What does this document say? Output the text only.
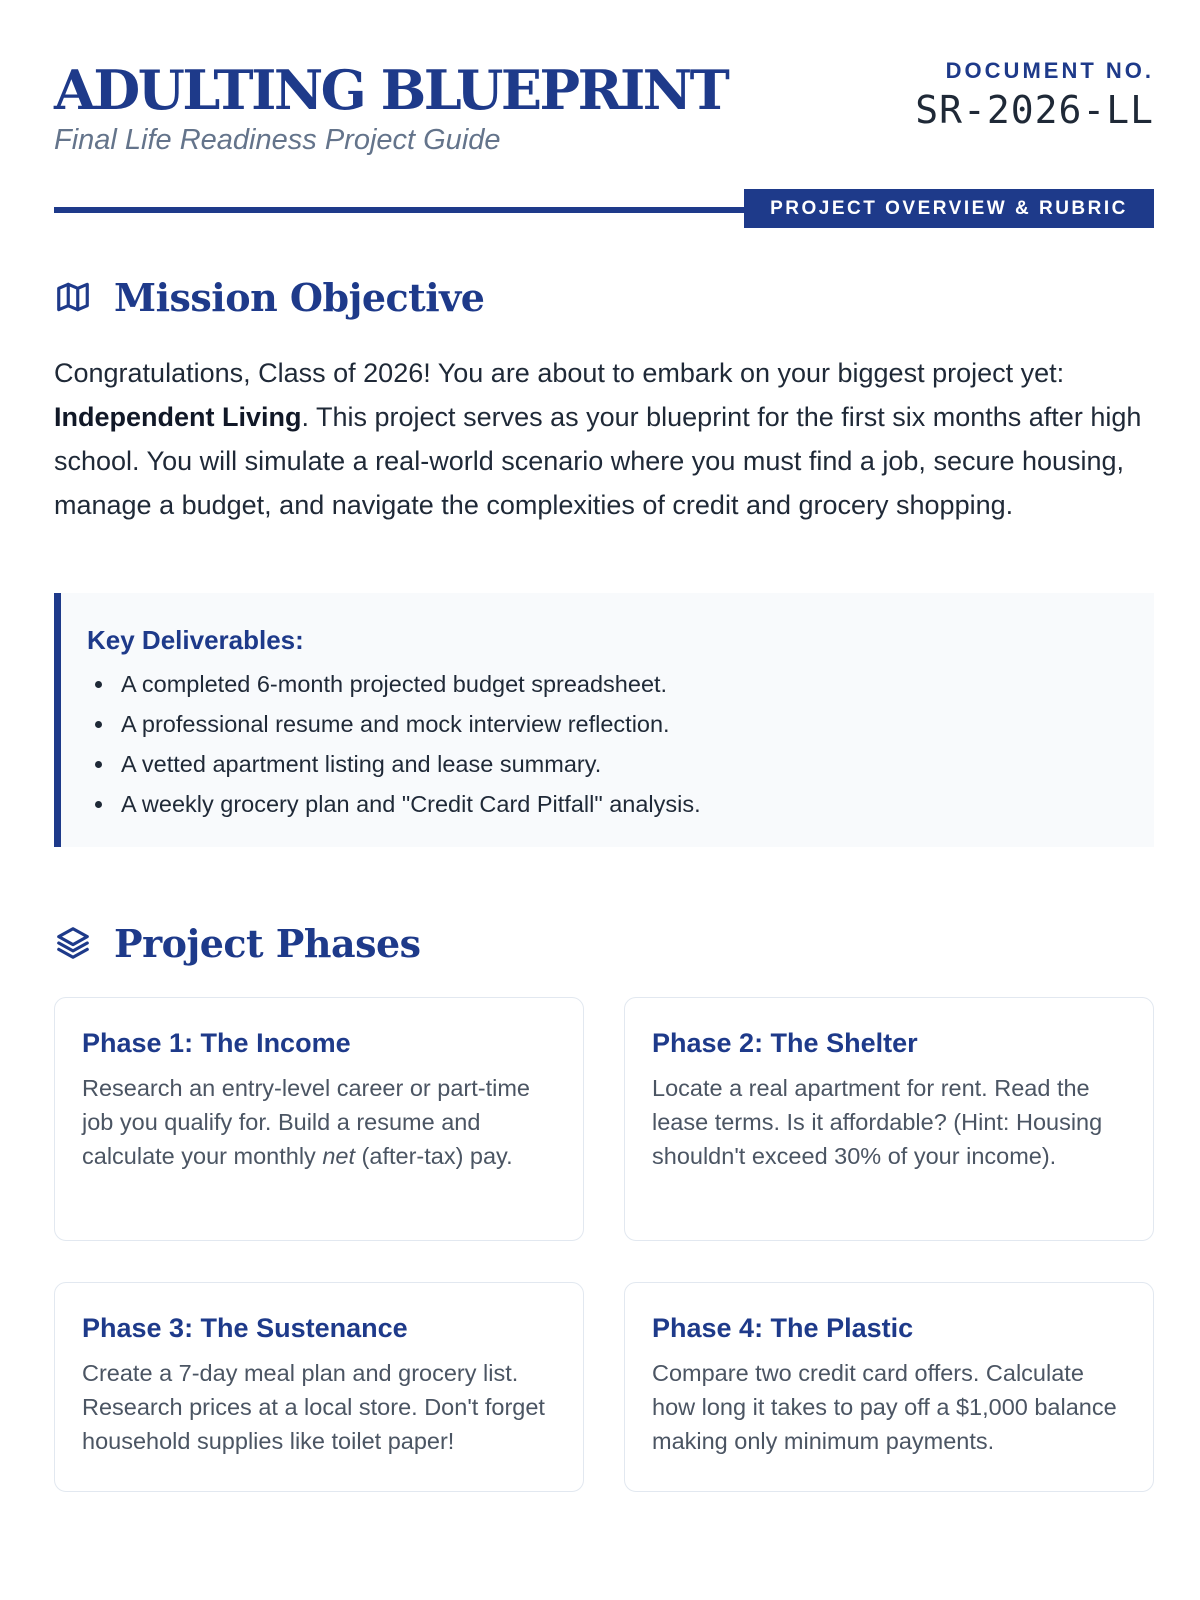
ADULTING BLUEPRINT
Final Life Readiness Project Guide
DOCUMENT NO.
SR-2026-LL
PROJECT OVERVIEW & RUBRIC
Mission Objective

Congratulations, Class of 2026! You are about to embark on your biggest project yet: Independent Living. This project serves as your blueprint for the first six months after high school. You will simulate a real-world scenario where you must find a job, secure housing, manage a budget, and navigate the complexities of credit and grocery shopping.

Key Deliverables:
A completed 6-month projected budget spreadsheet.
A professional resume and mock interview reflection.
A vetted apartment listing and lease summary.
A weekly grocery plan and "Credit Card Pitfall" analysis.
Project Phases
Phase 1: The Income
Research an entry-level career or part-time job you qualify for. Build a resume and calculate your monthly net (after-tax) pay.
Phase 2: The Shelter
Locate a real apartment for rent. Read the lease terms. Is it affordable? (Hint: Housing shouldn't exceed 30% of your income).
Phase 3: The Sustenance
Create a 7-day meal plan and grocery list. Research prices at a local store. Don't forget household supplies like toilet paper!
Phase 4: The Plastic
Compare two credit card offers. Calculate how long it takes to pay off a $1,000 balance making only minimum payments.
